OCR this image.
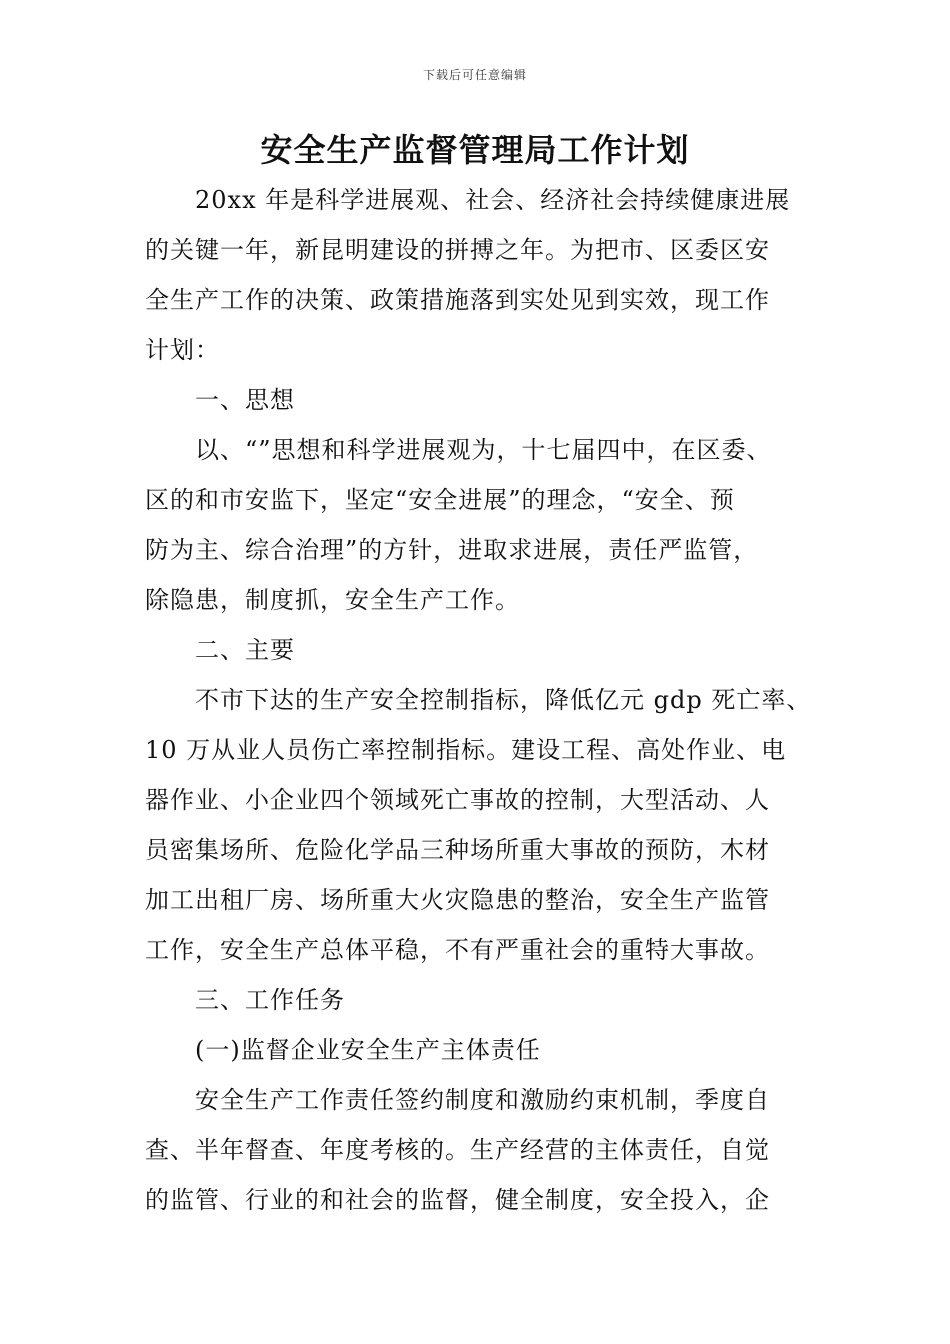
下载后可任意编辑
安全生产监督管理局工作计划

20xx 年是科学进展观、社会、经济社会持续健康进展
的关键一年，新昆明建设的拼搏之年。为把市、区委区安
全生产工作的决策、政策措施落到实处见到实效，现工作
计划：

一、思想

以、“”思想和科学进展观为，十七届四中，在区委、
区的和市安监下，坚定“安全进展”的理念，“安全、预
防为主、综合治理”的方针，进取求进展，责任严监管，
除隐患，制度抓，安全生产工作。

二、主要

不市下达的生产安全控制指标，降低亿元 gdp 死亡率、
10 万从业人员伤亡率控制指标。建设工程、高处作业、电
器作业、小企业四个领域死亡事故的控制，大型活动、人
员密集场所、危险化学品三种场所重大事故的预防，木材
加工出租厂房、场所重大火灾隐患的整治，安全生产监管
工作，安全生产总体平稳，不有严重社会的重特大事故。

三、工作任务

(一)监督企业安全生产主体责任

安全生产工作责任签约制度和激励约束机制，季度自
查、半年督查、年度考核的。生产经营的主体责任，自觉
的监管、行业的和社会的监督，健全制度，安全投入，企
